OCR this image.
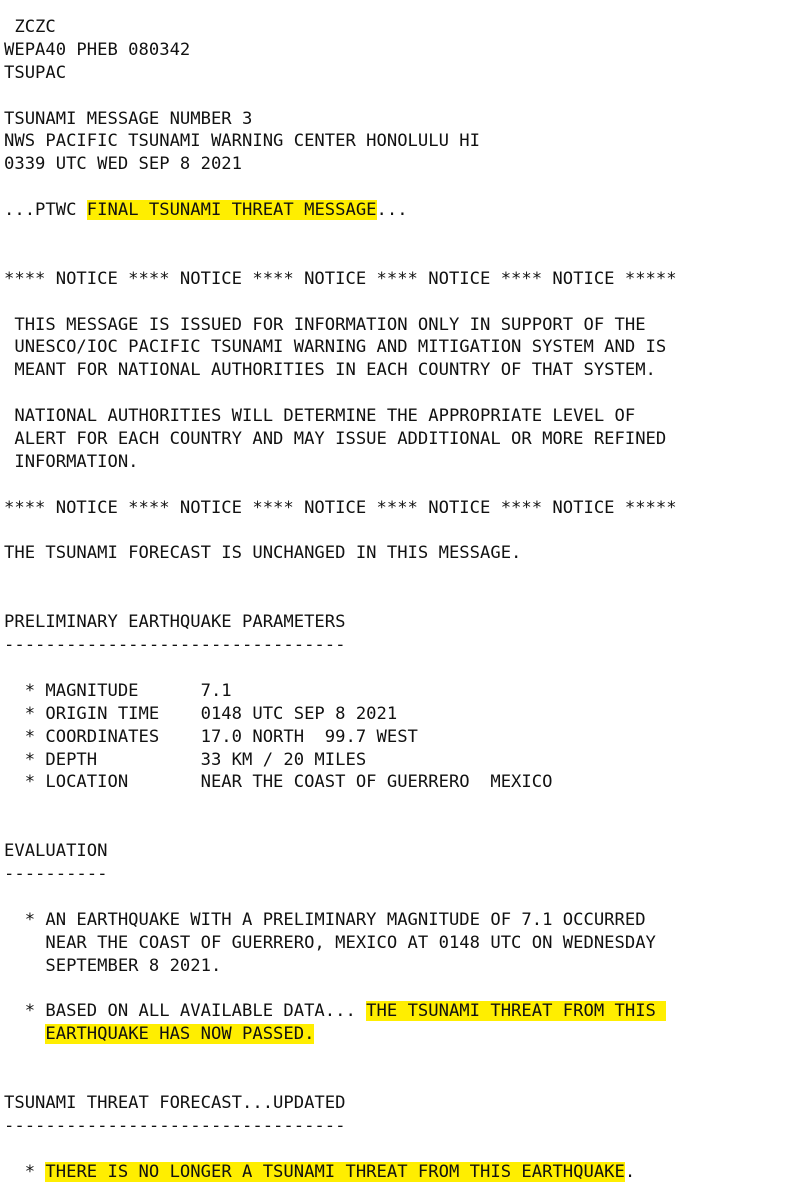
ZCZC
WEPA40 PHEB 080342
TSUPAC
TSUNAMI MESSAGE NUMBER 3
NWS PACIFIC TSUNAMI WARNING CENTER HONOLULU HI
0339 UTC WED SEP 8 2021
...PTWC FINAL TSUNAMI THREAT MESSAGE...
**** NOTICE **** NOTICE **** NOTICE **** NOTICE **** NOTICE *****
THIS MESSAGE IS ISSUED FOR INFORMATION ONLY IN SUPPORT OF THE
UNESCO/IOC PACIFIC TSUNAMI WARNING AND MITIGATION SYSTEM AND IS
MEANT FOR NATIONAL AUTHORITIES IN EACH COUNTRY OF THAT SYSTEM.
NATIONAL AUTHORITIES WILL DETERMINE THE APPROPRIATE LEVEL OF
ALERT FOR EACH COUNTRY AND MAY ISSUE ADDITIONAL OR MORE REFINED
INFORMATION.
**** NOTICE **** NOTICE **** NOTICE **** NOTICE **** NOTICE *****
THE TSUNAMI FORECAST IS UNCHANGED IN THIS MESSAGE.
PRELIMINARY EARTHQUAKE PARAMETERS
---------------------------------
* MAGNITUDE      7.1
* ORIGIN TIME    0148 UTC SEP 8 2021
* COORDINATES    17.0 NORTH  99.7 WEST
* DEPTH          33 KM / 20 MILES
* LOCATION       NEAR THE COAST OF GUERRERO  MEXICO
EVALUATION
----------
* AN EARTHQUAKE WITH A PRELIMINARY MAGNITUDE OF 7.1 OCCURRED
NEAR THE COAST OF GUERRERO, MEXICO AT 0148 UTC ON WEDNESDAY
SEPTEMBER 8 2021.
* BASED ON ALL AVAILABLE DATA... THE TSUNAMI THREAT FROM THIS
EARTHQUAKE HAS NOW PASSED.
TSUNAMI THREAT FORECAST...UPDATED
---------------------------------
* THERE IS NO LONGER A TSUNAMI THREAT FROM THIS EARTHQUAKE.
